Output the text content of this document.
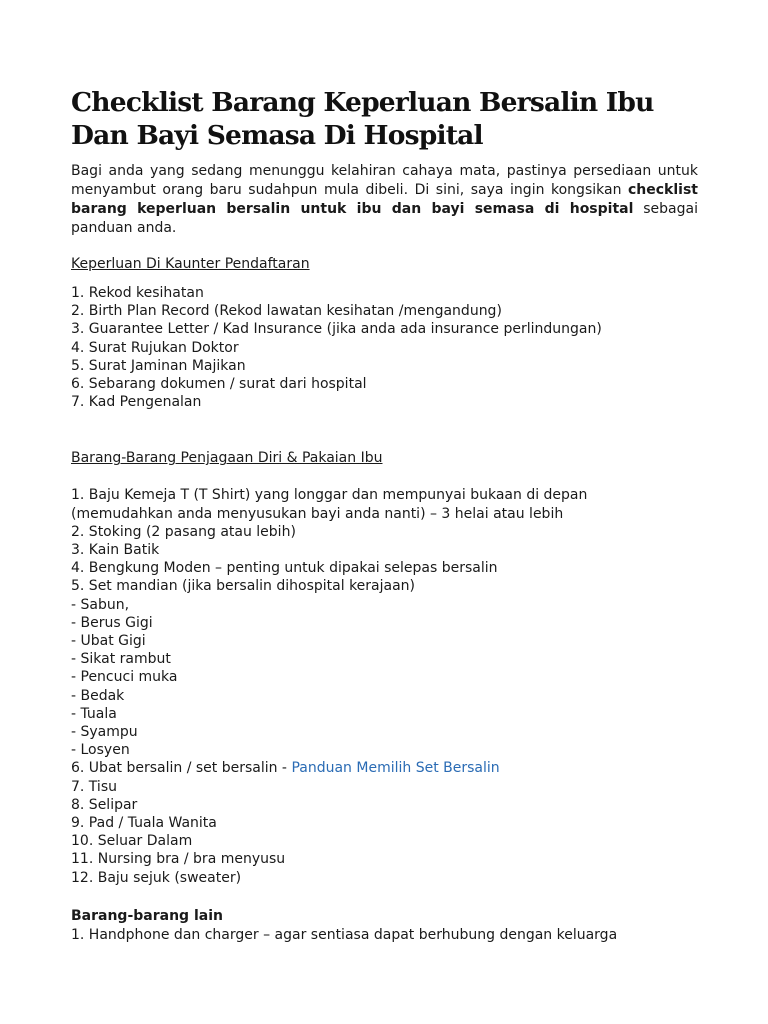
Checklist Barang Keperluan Bersalin Ibu Dan Bayi Semasa Di Hospital

Bagi anda yang sedang menunggu kelahiran cahaya mata, pastinya persediaan untuk menyambut orang baru sudahpun mula dibeli. Di sini, saya ingin kongsikan checklist barang keperluan bersalin untuk ibu dan bayi semasa di hospital sebagai panduan anda.

Keperluan Di Kaunter Pendaftaran
1. Rekod kesihatan
2. Birth Plan Record (Rekod lawatan kesihatan /mengandung)
3. Guarantee Letter / Kad Insurance (jika anda ada insurance perlindungan)
4. Surat Rujukan Doktor
5. Surat Jaminan Majikan
6. Sebarang dokumen / surat dari hospital
7. Kad Pengenalan
Barang-Barang Penjagaan Diri & Pakaian Ibu
1. Baju Kemeja T (T Shirt) yang longgar dan mempunyai bukaan di depan
(memudahkan anda menyusukan bayi anda nanti) – 3 helai atau lebih
2. Stoking (2 pasang atau lebih)
3. Kain Batik
4. Bengkung Moden – penting untuk dipakai selepas bersalin
5. Set mandian (jika bersalin dihospital kerajaan)
- Sabun,
- Berus Gigi
- Ubat Gigi
- Sikat rambut
- Pencuci muka
- Bedak
- Tuala
- Syampu
- Losyen
6. Ubat bersalin / set bersalin - Panduan Memilih Set Bersalin
7. Tisu
8. Selipar
9. Pad / Tuala Wanita
10. Seluar Dalam
11. Nursing bra / bra menyusu
12. Baju sejuk (sweater)
Barang-barang lain
1. Handphone dan charger – agar sentiasa dapat berhubung dengan keluarga
